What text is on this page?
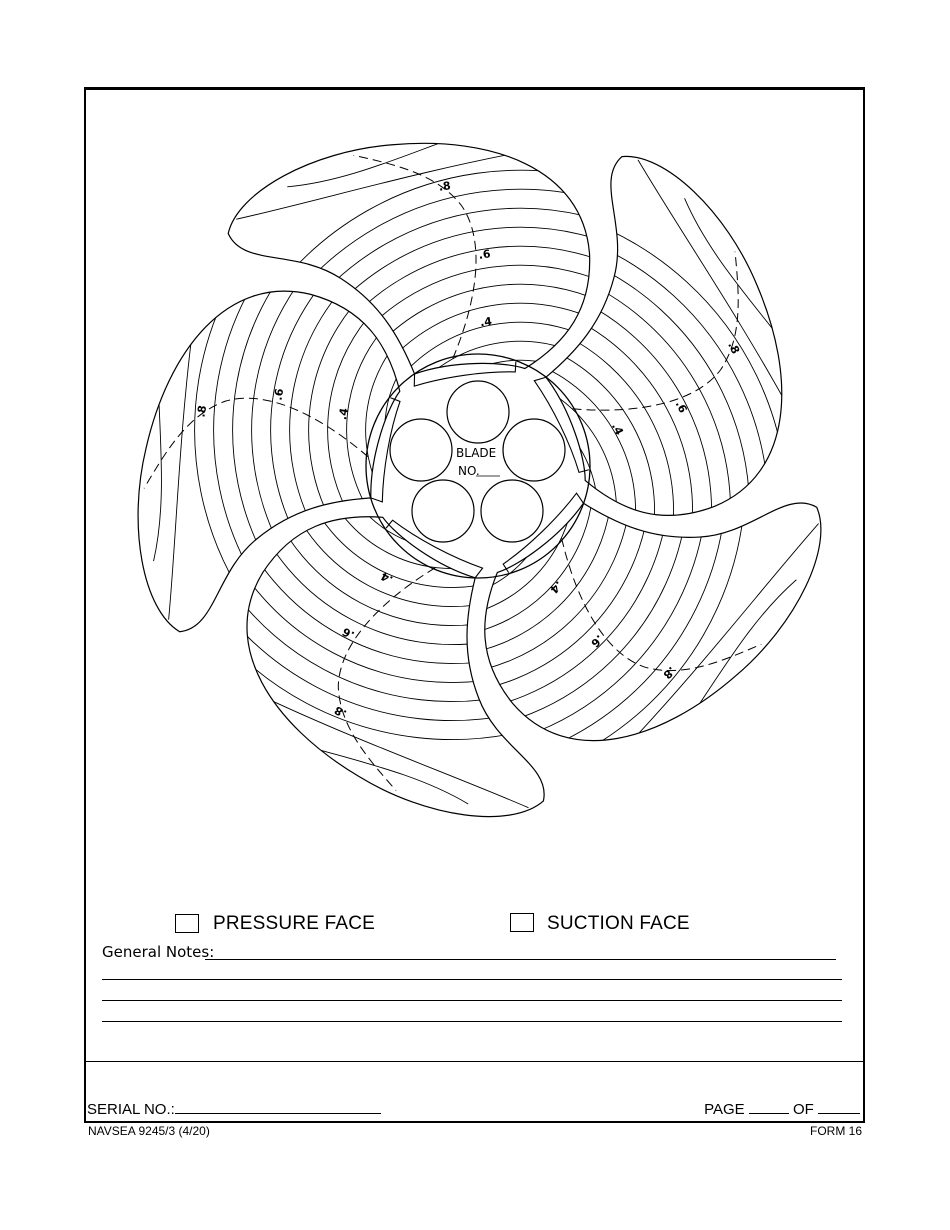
BLADE
NO.
.4
.6
.8
.4
.6
.8
.4
.6
.8
.4
.6
.8
.4
.6
.8
PRESSURE FACE	SUCTION FACE
General Notes:
SERIAL NO.:	PAGE	OF
NAVSEA 9245/3 (4/20)	FORM 16
